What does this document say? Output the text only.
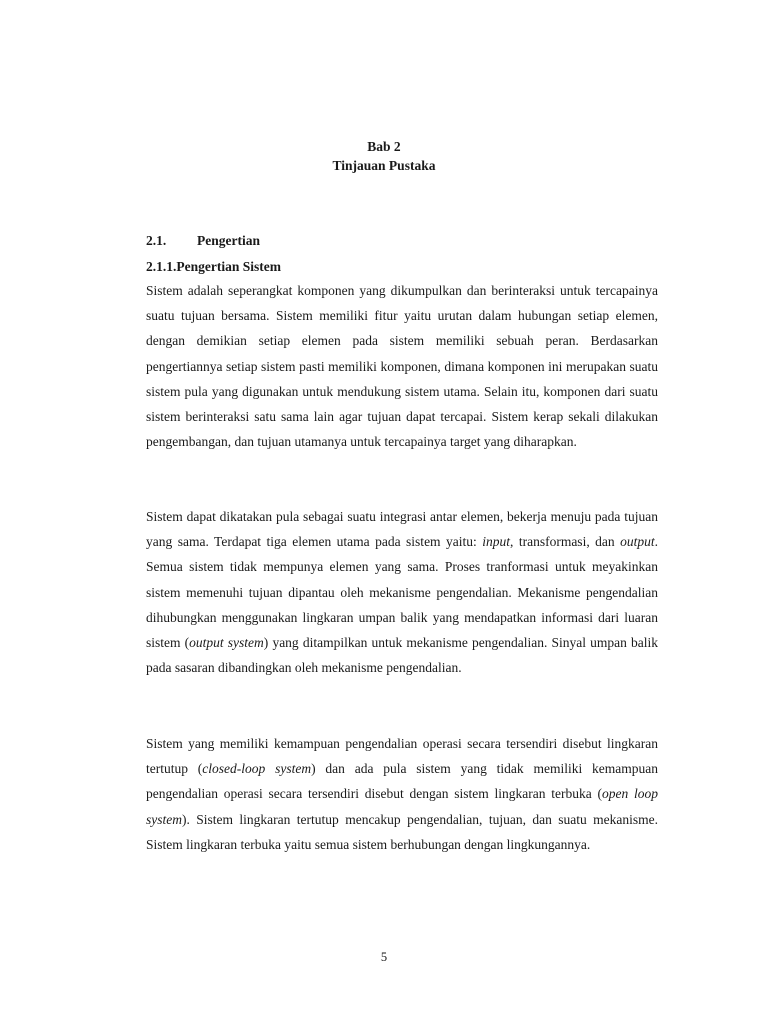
Bab 2
Tinjauan Pustaka
2.1. Pengertian
2.1.1.Pengertian Sistem

Sistem adalah seperangkat komponen yang dikumpulkan dan berinteraksi untuk tercapainya suatu tujuan bersama. Sistem memiliki fitur yaitu urutan dalam hubungan setiap elemen, dengan demikian setiap elemen pada sistem memiliki sebuah peran. Berdasarkan pengertiannya setiap sistem pasti memiliki komponen, dimana komponen ini merupakan suatu sistem pula yang digunakan untuk mendukung sistem utama. Selain itu, komponen dari suatu sistem berinteraksi satu sama lain agar tujuan dapat tercapai. Sistem kerap sekali dilakukan pengembangan, dan tujuan utamanya untuk tercapainya target yang diharapkan.

Sistem dapat dikatakan pula sebagai suatu integrasi antar elemen, bekerja menuju pada tujuan yang sama. Terdapat tiga elemen utama pada sistem yaitu: input, transformasi, dan output. Semua sistem tidak mempunya elemen yang sama. Proses tranformasi untuk meyakinkan sistem memenuhi tujuan dipantau oleh mekanisme pengendalian. Mekanisme pengendalian dihubungkan menggunakan lingkaran umpan balik yang mendapatkan informasi dari luaran sistem (output system) yang ditampilkan untuk mekanisme pengendalian. Sinyal umpan balik pada sasaran dibandingkan oleh mekanisme pengendalian.

Sistem yang memiliki kemampuan pengendalian operasi secara tersendiri disebut lingkaran tertutup (closed-loop system) dan ada pula sistem yang tidak memiliki kemampuan pengendalian operasi secara tersendiri disebut dengan sistem lingkaran terbuka (open loop system). Sistem lingkaran tertutup mencakup pengendalian, tujuan, dan suatu mekanisme. Sistem lingkaran terbuka yaitu semua sistem berhubungan dengan lingkungannya.

5
